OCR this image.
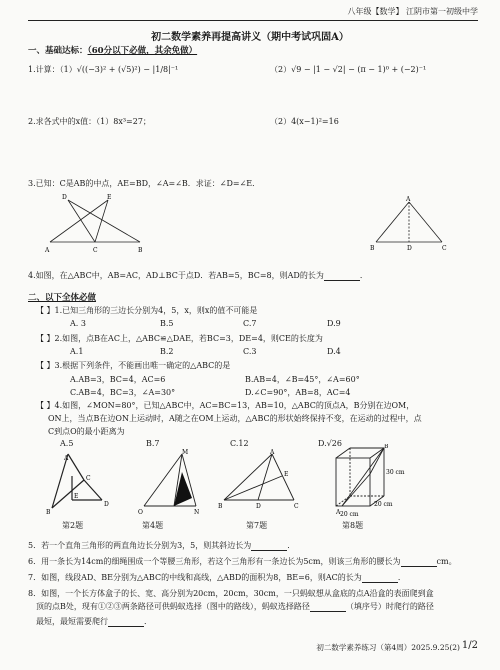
八年级【数学】 江阴市第一初级中学
初二数学素养再提高讲义（期中考试巩固A）
一、基础达标：（60分以下必做，其余免做）
1.计算：（1）√((−3)² + (√5)²) − |1/8|⁻¹	（2）√9 − |1 − √2| − (π − 1)⁰ + (−2)⁻¹
2.求各式中的x值：（1）8x³=27；	（2）4(x−1)²=16
3.已知：C是AB的中点，AE=BD，∠A=∠B．求证：∠D=∠E．
D	E
A	C	B
A
B	D	C
4.如图，在△ABC中，AB=AC，AD⊥BC于点D．若AB=5，BC=8，则AD的长为	．
二、以下全体必做
【 】1.已知三角形的三边长分别为4，5，x，则x的值不可能是
A. 3	B.5	C.7	D.9
【 】2.如图，点B在AC上，△ABC≌△DAE，若BC=3，DE=4，则CE的长度为
A.1	B.2	C.3	D.4
【 】3.根据下列条件，不能画出唯一确定的△ABC的是
A.AB=3，BC=4，AC=6	B.AB=4，∠B=45°，∠A=60°
C.AB=4，BC=3，∠A=30°	D.∠C=90°，AB=8，AC=4
【 】4.如图，∠MON=80°，已知△ABC中，AC=BC=13，AB=10，△ABC的顶点A，B分别在边OM，
ON上，当点B在边ON上运动时，A随之在OM上运动，△ABC的形状始终保持不变，在运动的过程中，点
C到点O的最小距离为
A.5	B.7	C.12	D.√26
A
B
E
C
D
M
O	N
A
B	D	C
E
B
A
30 cm
20 cm
20 cm
第2题	第4题	第7题	第8题
5．若一个直角三角形的两直角边长分别为3，5，则其斜边长为	．
6．用一条长为14cm的细绳围成一个等腰三角形，若这个三角形有一条边长为5cm，则该三角形的腰长为	cm。
7．如图，线段AD、BE分别为△ABC的中线和高线，△ABD的面积为8，BE=6，则AC的长为	．
8．如图，一个长方体盒子的长、宽、高分别为20cm，20cm，30cm，一只蚂蚁想从盒底的点A沿盒的表面爬到盒
顶的点B处，现有①②③两条路径可供蚂蚁选择（图中的路线），蚂蚁选择路径	（填序号）时爬行的路径
最短，最短需要爬行	．
初二数学素养练习（第4周）2025.9.25(2) 1/2
